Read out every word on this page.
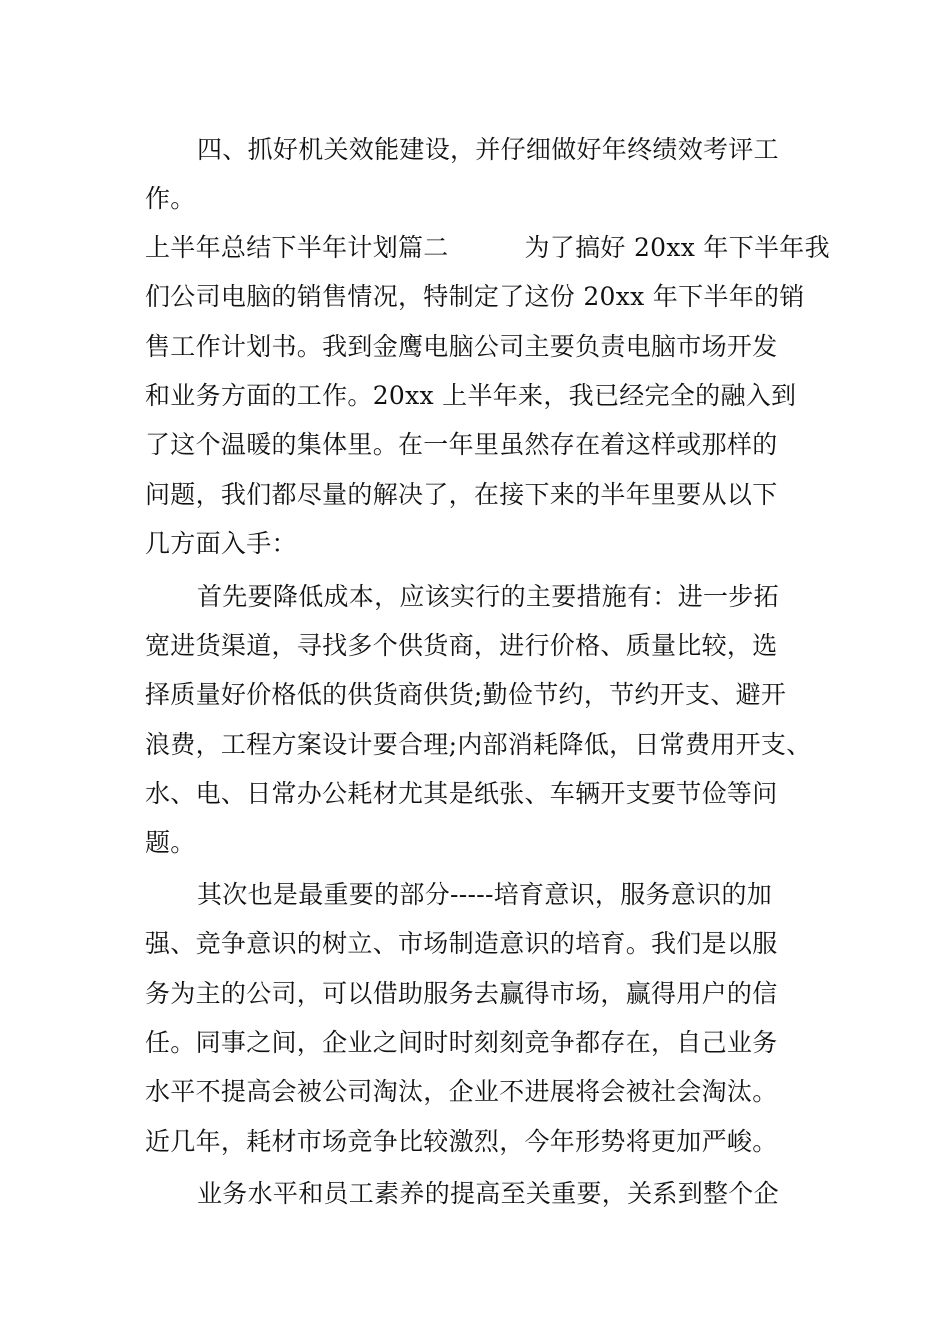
四、抓好机关效能建设，并仔细做好年终绩效考评工
作。
上半年总结下半年计划篇二　　　为了搞好 20xx 年下半年我
们公司电脑的销售情况，特制定了这份 20xx 年下半年的销
售工作计划书。我到金鹰电脑公司主要负责电脑市场开发
和业务方面的工作。20xx 上半年来，我已经完全的融入到
了这个温暖的集体里。在一年里虽然存在着这样或那样的
问题，我们都尽量的解决了，在接下来的半年里要从以下
几方面入手：
首先要降低成本，应该实行的主要措施有：进一步拓
宽进货渠道，寻找多个供货商，进行价格、质量比较，选
择质量好价格低的供货商供货;勤俭节约，节约开支、避开
浪费，工程方案设计要合理;内部消耗降低，日常费用开支、
水、电、日常办公耗材尤其是纸张、车辆开支要节俭等问
题。
其次也是最重要的部分-----培育意识，服务意识的加
强、竞争意识的树立、市场制造意识的培育。我们是以服
务为主的公司，可以借助服务去赢得市场，赢得用户的信
任。同事之间，企业之间时时刻刻竞争都存在，自己业务
水平不提高会被公司淘汰，企业不进展将会被社会淘汰。
近几年，耗材市场竞争比较激烈，今年形势将更加严峻。
业务水平和员工素养的提高至关重要，关系到整个企
